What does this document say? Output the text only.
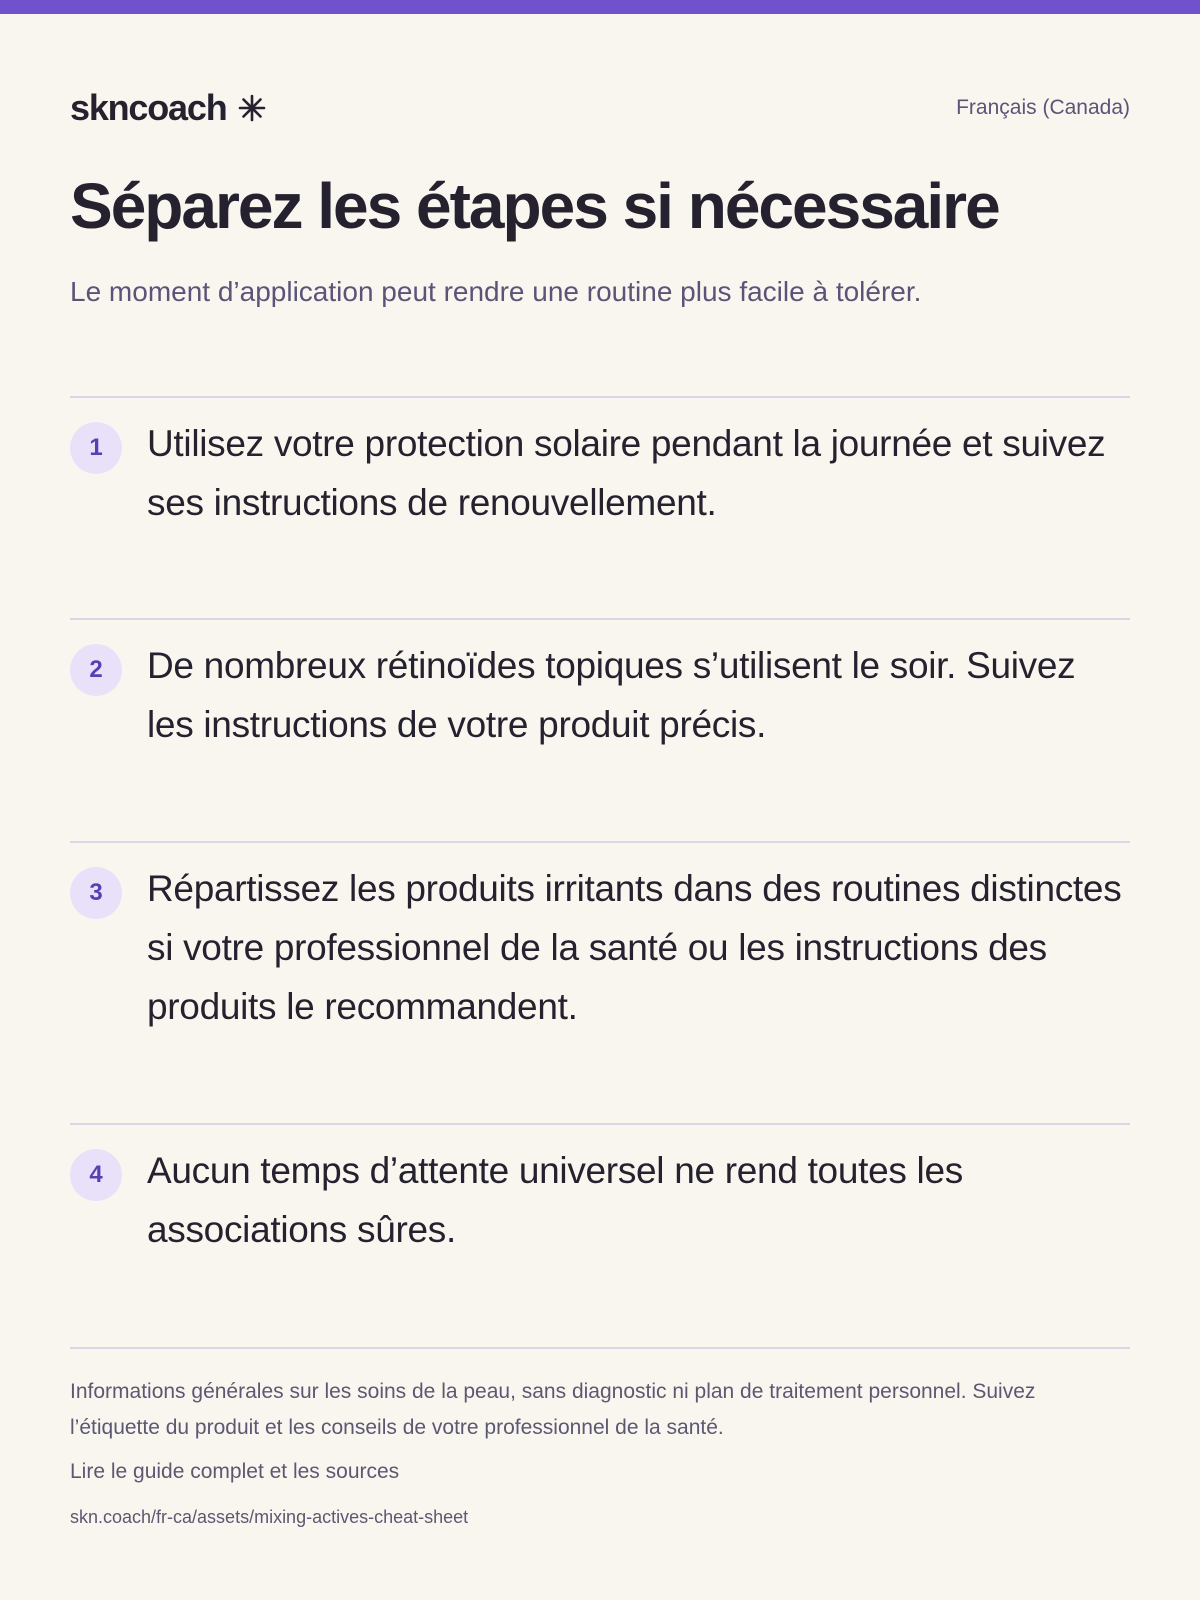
skncoach	Français (Canada)
Séparez les étapes si nécessaire

Le moment d’application peut rendre une routine plus facile à tolérer.

1	Utilisez votre protection solaire pendant la journée et suivez ses instructions de renouvellement.

2	De nombreux rétinoïdes topiques s’utilisent le soir. Suivez les instructions de votre produit précis.

3	Répartissez les produits irritants dans des routines distinctes si votre professionnel de la santé ou les instructions des produits le recommandent.

4	Aucun temps d’attente universel ne rend toutes les associations sûres.

Informations générales sur les soins de la peau, sans diagnostic ni plan de traitement personnel. Suivez l’étiquette du produit et les conseils de votre professionnel de la santé.

Lire le guide complet et les sources
skn.coach/fr-ca/assets/mixing-actives-cheat-sheet
